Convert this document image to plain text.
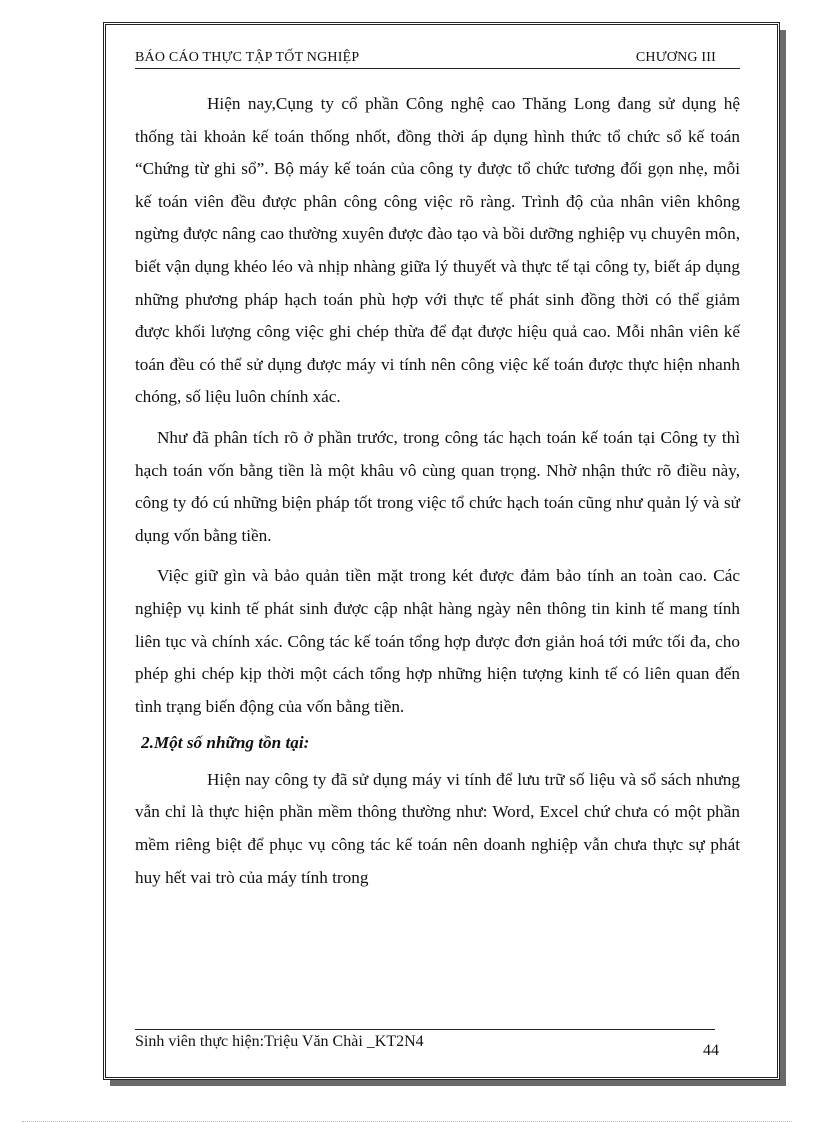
BÁO CÁO THỰC TẬP TỐT NGHIỆP	CHƯƠNG III

Hiện nay,Cụng ty cổ phần Công nghệ cao Thăng Long đang sử dụng hệ thống tài khoản kế toán thống nhốt, đồng thời áp dụng hình thức tổ chức sổ kế toán “Chứng từ ghi sổ”. Bộ máy kế toán của công ty được tổ chức tương đối gọn nhẹ, mỗi kế toán viên đều được phân công công việc rõ ràng. Trình độ của nhân viên không ngừng được nâng cao thường xuyên được đào tạo và bồi dưỡng nghiệp vụ chuyên môn, biết vận dụng khéo léo và nhịp nhàng giữa lý thuyết và thực tế tại công ty, biết áp dụng những phương pháp hạch toán phù hợp với thực tế phát sinh đồng thời có thể giảm được khối lượng công việc ghi chép thừa để đạt được hiệu quả cao. Mỗi nhân viên kế toán đều có thể sử dụng được máy vi tính nên công việc kế toán được thực hiện nhanh chóng, số liệu luôn chính xác.

Như đã phân tích rõ ở phần trước, trong công tác hạch toán kế toán tại Công ty thì hạch toán vốn bằng tiền là một khâu vô cùng quan trọng. Nhờ nhận thức rõ điều này, công ty đó cú những biện pháp tốt trong việc tổ chức hạch toán cũng như quản lý và sử dụng vốn bằng tiền.

Việc giữ gìn và bảo quản tiền mặt trong két được đảm bảo tính an toàn cao. Các nghiệp vụ kinh tế phát sinh được cập nhật hàng ngày nên thông tin kinh tế mang tính liên tục và chính xác. Công tác kế toán tổng hợp được đơn giản hoá tới mức tối đa, cho phép ghi chép kịp thời một cách tổng hợp những hiện tượng kinh tế có liên quan đến tình trạng biến động của vốn bằng tiền.

2.Một số những tồn tại:

Hiện nay công ty đã sử dụng máy vi tính để lưu trữ số liệu và sổ sách nhưng vẫn chỉ là thực hiện phần mềm thông thường như: Word, Excel chứ chưa có một phần mềm riêng biệt để phục vụ công tác kế toán nên doanh nghiệp vẫn chưa thực sự phát huy hết vai trò của máy tính trong

Sinh viên thực hiện:Triệu Văn Chài _KT2N4
44
